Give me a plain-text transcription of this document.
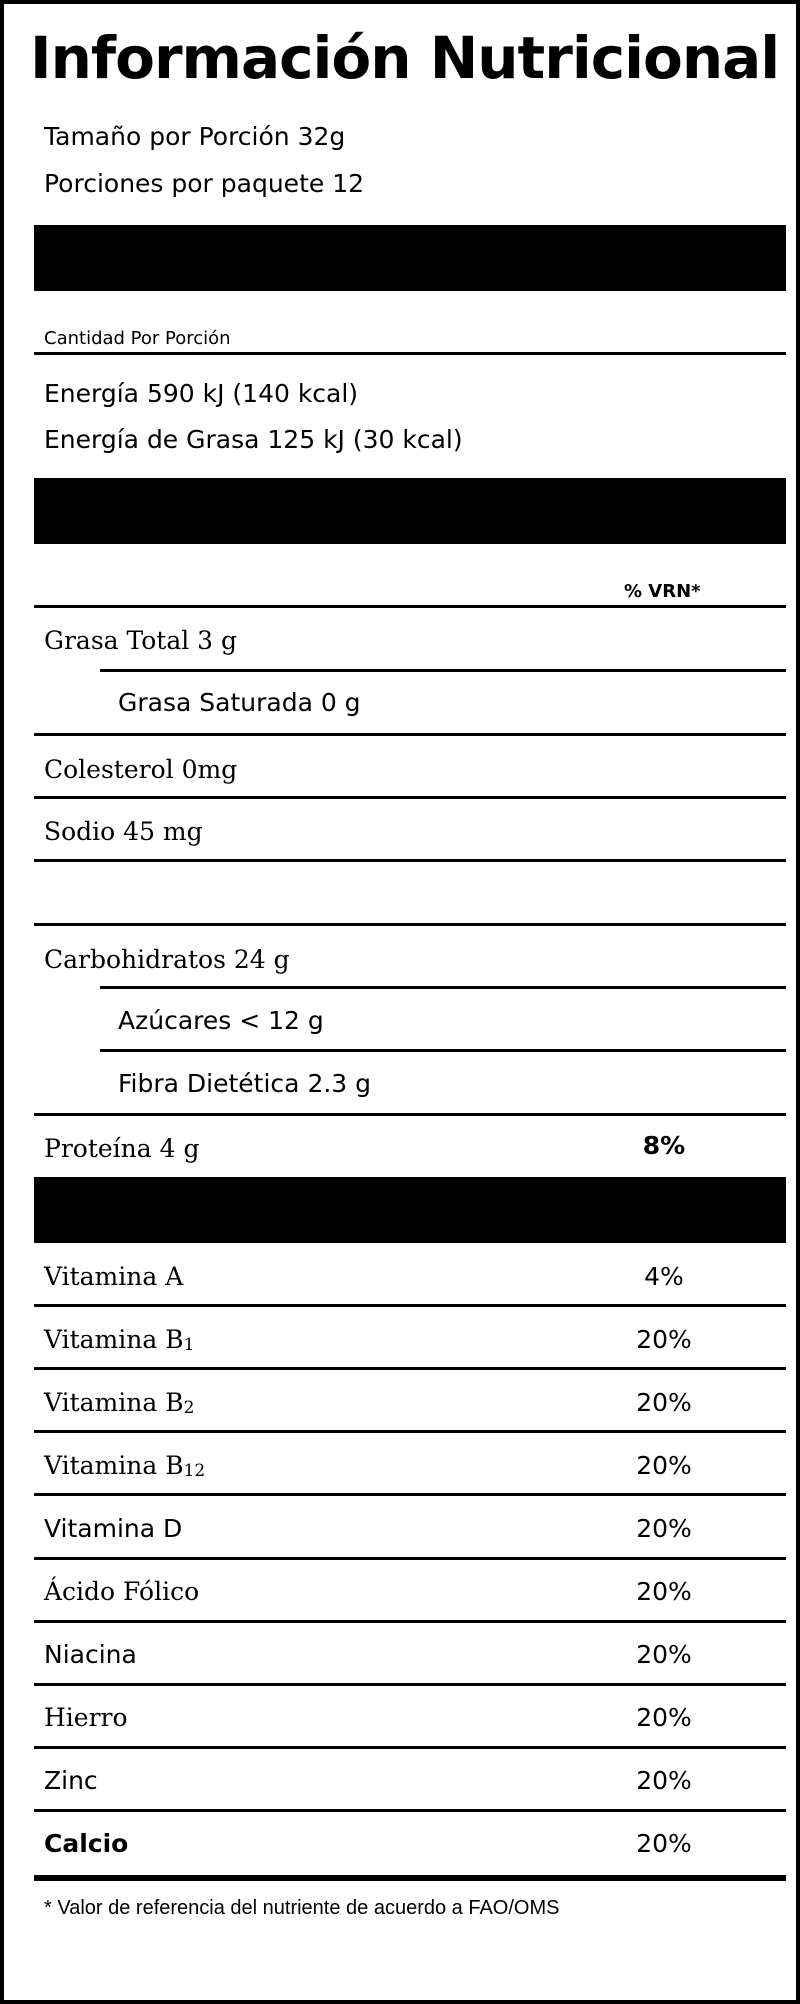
Información Nutricional
Tamaño por Porción 32g
Porciones por paquete 12
Cantidad Por Porción
Energía 590 kJ (140 kcal)
Energía de Grasa 125 kJ (30 kcal)
% VRN*
Grasa Total 3 g
Grasa Saturada 0 g
Colesterol 0mg
Sodio 45 mg
Carbohidratos 24 g
Azúcares < 12 g
Fibra Dietética 2.3 g
Proteína 4 g	8%
Vitamina A	4%
Vitamina $B_1$	20%
Vitamina $B_2$	20%
Vitamina $B_{12}$	20%
Vitamina D	20%
Ácido Fólico	20%
Niacina	20%
Hierro	20%
Zinc	20%
Calcio	20%
* Valor de referencia del nutriente de acuerdo a FAO/OMS
